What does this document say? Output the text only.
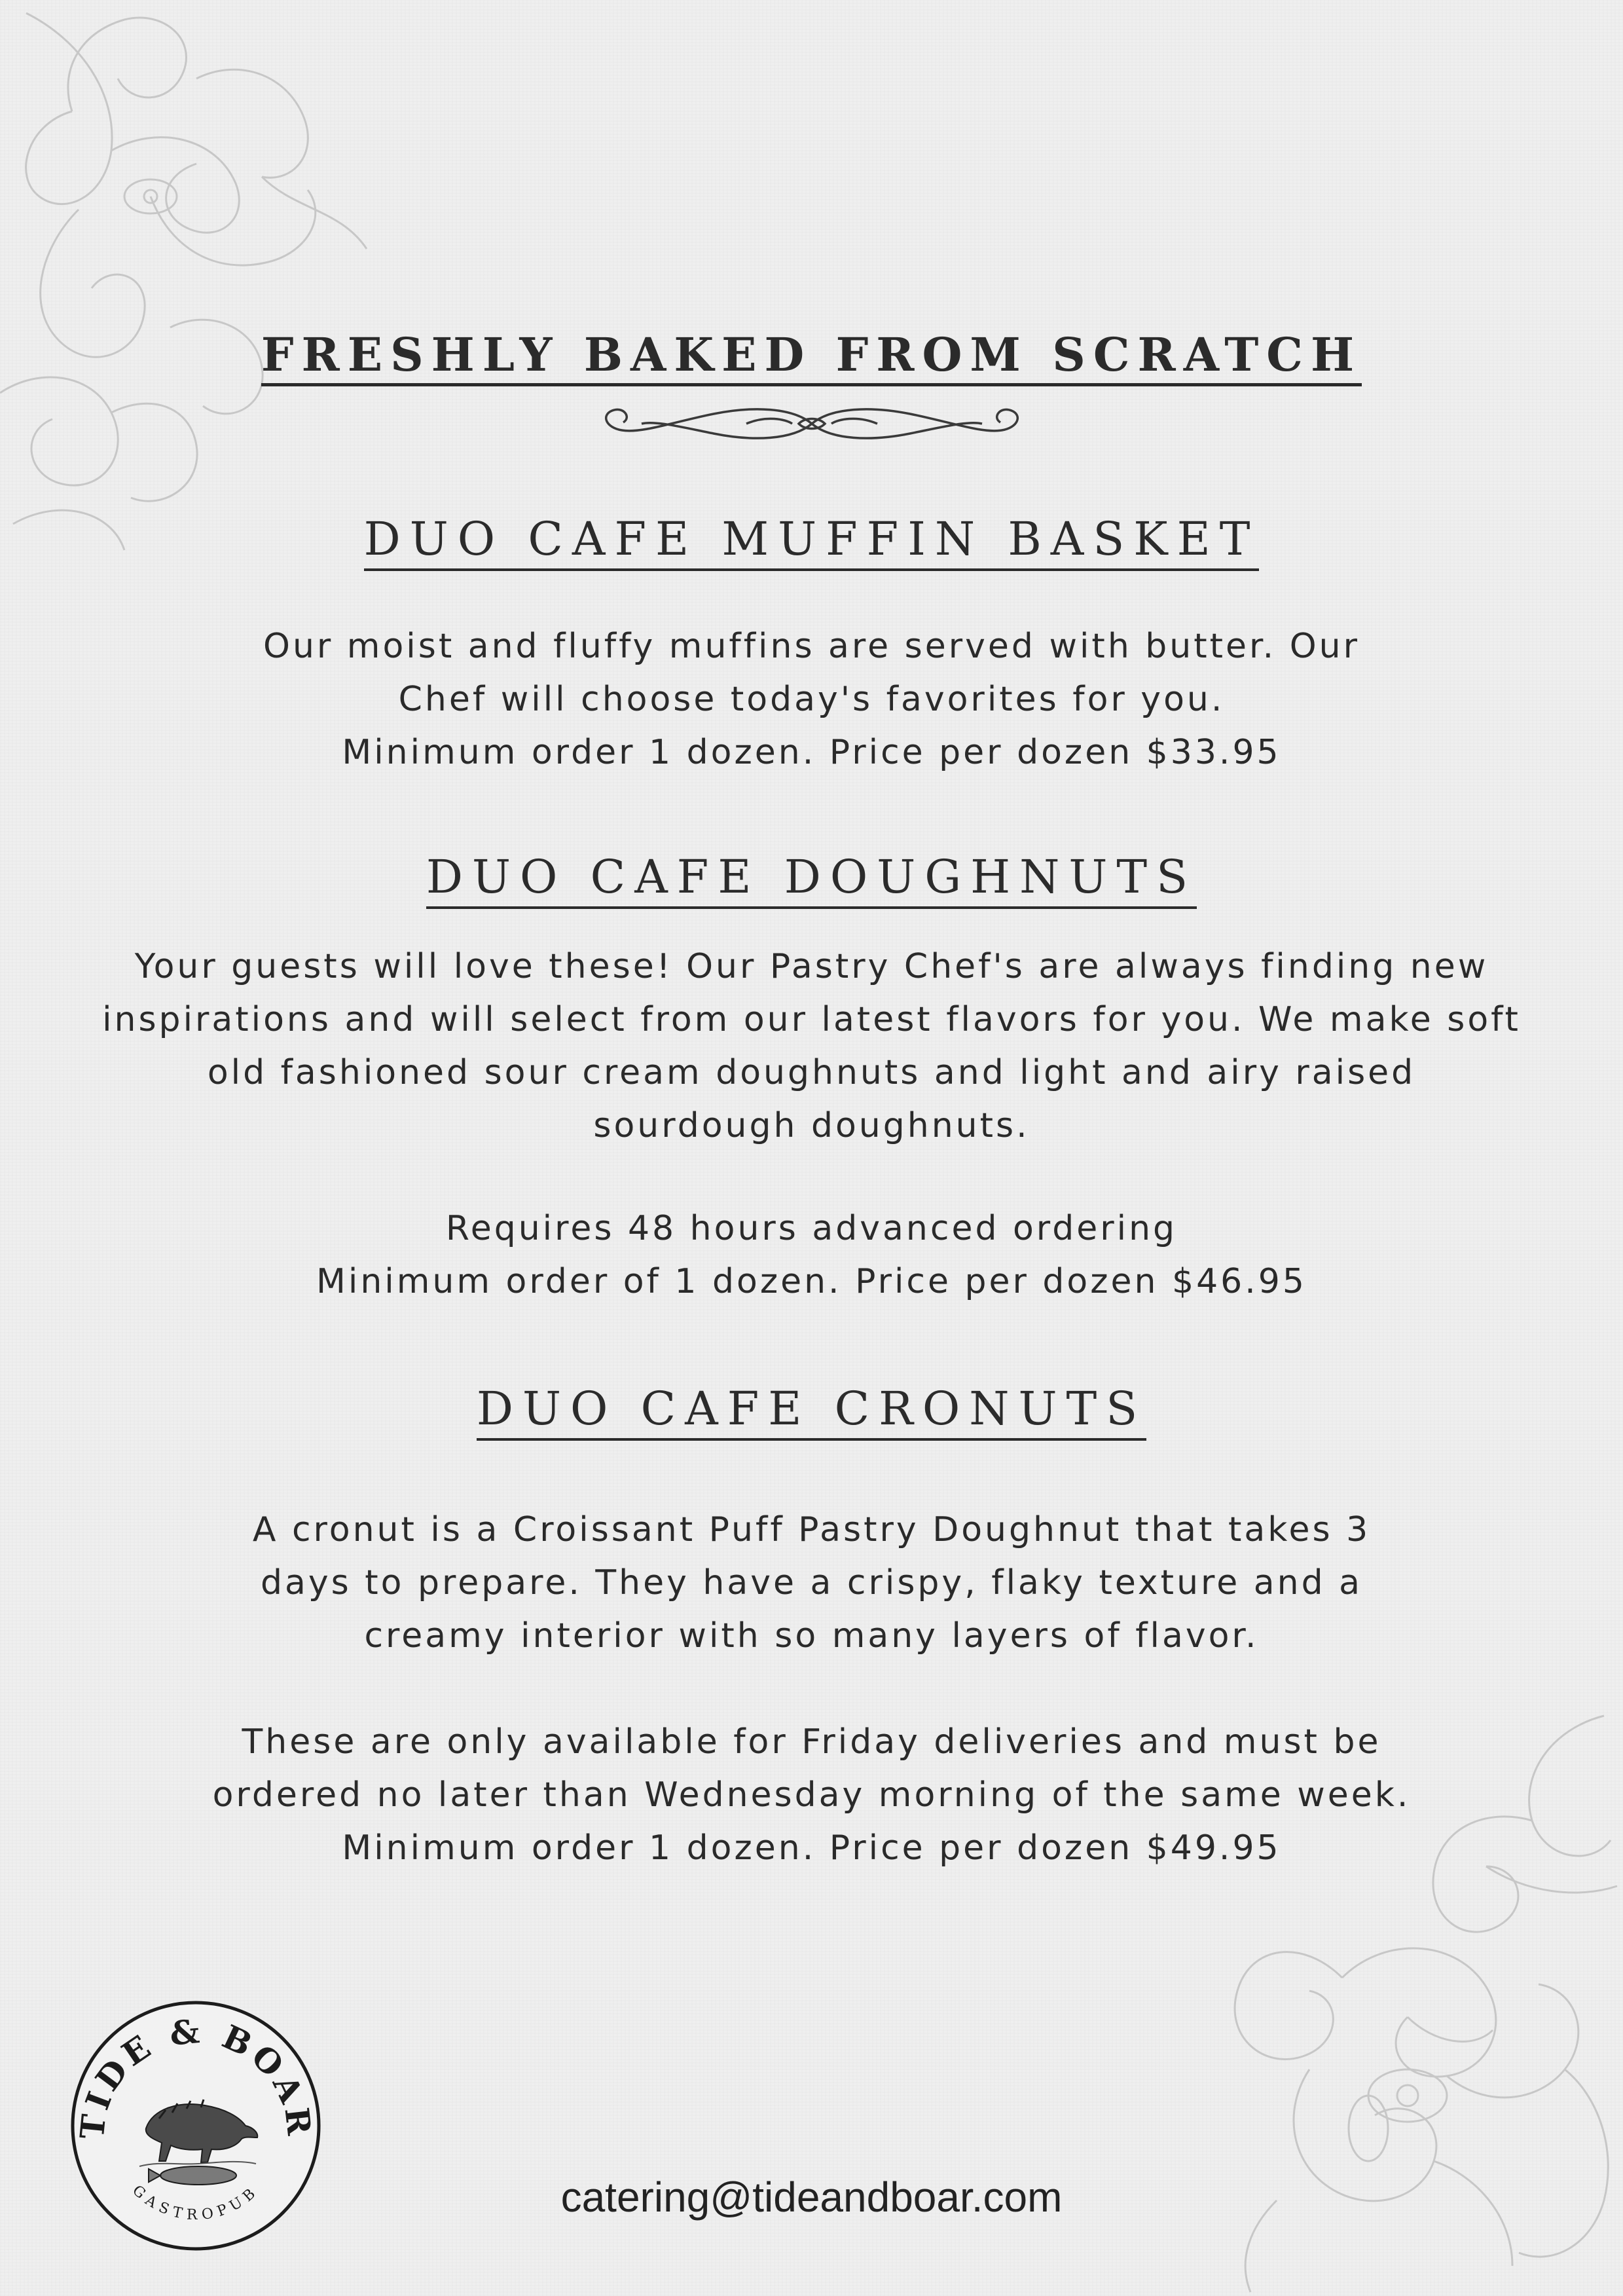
FRESHLY BAKED FROM SCRATCH
DUO CAFE MUFFIN BASKET
Our moist and fluffy muffins are served with butter. Our
Chef will choose today's favorites for you.
Minimum order 1 dozen. Price per dozen $33.95
DUO CAFE DOUGHNUTS
Your guests will love these! Our Pastry Chef's are always finding new
inspirations and will select from our latest flavors for you. We make soft
old fashioned sour cream doughnuts and light and airy raised
sourdough doughnuts.
Requires 48 hours advanced ordering
Minimum order of 1 dozen. Price per dozen $46.95
DUO CAFE CRONUTS
A cronut is a Croissant Puff Pastry Doughnut that takes 3
days to prepare. They have a crispy, flaky texture and a
creamy interior with so many layers of flavor.
These are only available for Friday deliveries and must be
ordered no later than Wednesday morning of the same week.
Minimum order 1 dozen. Price per dozen $49.95
TIDE & BOAR
GASTROPUB	catering@tideandboar.com
